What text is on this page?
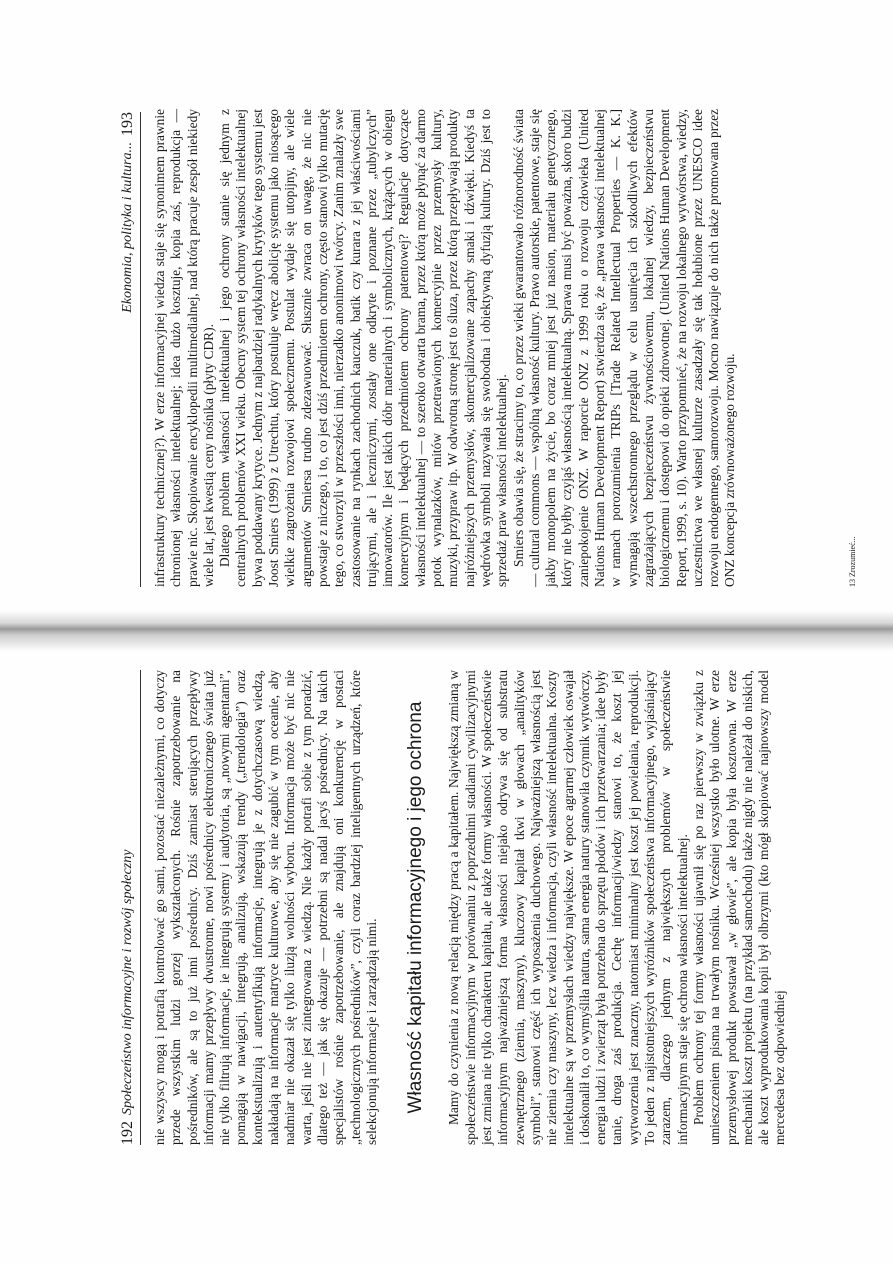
192
Społeczeństwo informacyjne i rozwój społeczny nie wszyscy mogą i potrafią kontrolować go sami, pozostać niezależnymi, co dotyczy przede wszystkim ludzi gorzej wykształconych. Rośnie zapotrzebowanie na pośredników, ale są to już inni pośrednicy. Dziś zamiast sterujących przepływy informacji mamy przepływy dwustronne, nowi pośrednicy elektronicznego świata już nie tylko filtrują informacje, ie integrują systemy i audytoria, są „nowymi agentami”, pomagają w nawigacji, integrują, analizują, wskazują trendy („trendologia”) oraz kontekstualizują i autentyfikują informacje, integrują je z dotychczasową wiedzą, nakładają na informacje matryce kulturowe, aby się nie zagubić w tym oceanie, aby nadmiar nie okazał się tylko iluzją wolności wyboru. Informacja może być nic nie warta, jeśli nie jest zintegrowana z wiedzą. Nie każdy potrafi sobie z tym poradzić, dlatego też — jak się okazuje — potrzebni są nadal jacyś pośrednicy. Na takich specjalistów rośnie zapotrzebowanie, ale znajdują oni konkurencję w postaci „technologicznych pośredników”, czyli coraz bardziej inteligentnych urządzeń, które selekcjonują informacje i zarządzają nimi. Własność kapitału informacyjnego i jego ochrona Mamy do czynienia z nową relacją między pracą a kapitałem. Największą zmianą w społeczeństwie informacyjnym w porównaniu z poprzednimi stadiami cywilizacyjnymi jest zmiana nie tylko charakteru kapitału, ale także formy własności. W społeczeństwie informacyjnym najważniejszą forma własności niejako odrywa się od substratu zewnętrznego (ziemia, maszyny), kluczowy kapitał tkwi w głowach „analityków symboli”, stanowi część ich wyposażenia duchowego. Najważniejszą własnością jest nie ziemia czy maszyny, lecz wiedza i informacja, czyli własność intelektualna. Koszty intelektualne są w przemysłach wiedzy największe. W epoce agrarnej człowiek oswajał i doskonalił to, co wymyśliła natura, sama energia natury stanowiła czynnik wytwórczy, energia ludzi i zwierząt była potrzebna do sprzętu płodów i ich przetwarzania; idee były tanie, droga zaś produkcja. Cechę informacji/wiedzy stanowi to, że koszt jej wytworzenia jest znaczny, natomiast minimalny jest koszt jej powielania, reprodukcji. To jeden z najistotniejszych wyróżników społeczeństwa informacyjnego, wyjaśniający zarazem, dlaczego jednym z największych problemów w społeczeństwie informacyjnym staje się ochrona własności intelektualnej. Problem ochrony tej formy własności ujawnił się po raz pierwszy w związku z umieszczeniem pisma na trwałym nośniku. Wcześniej wszystko było ulotne. W erze przemysłowej produkt powstawał „w głowie”, ale kopia była kosztowna. W erze mechaniki koszt projektu (na przykład samochodu) także nigdy nie należał do niskich, ale koszt wyprodukowania kopii był olbrzymi (kto mógł skopiować najnowszy model mercedesa bez odpowiedniej

Ekonomia, polityka i kultura...
193 infrastruktury technicznej?). W erze informacyjnej wiedza staje się synonimem prawnie chronionej własności intelektualnej; idea dużo kosztuje, kopia zaś, reprodukcja — prawie nic. Skopiowanie encyklopedii multimedialnej, nad którą pracuje zespół niekiedy wiele lat, jest kwestią ceny nośnika (płyty CDR). Dlatego problem własności intelektualnej i jego ochrony stanie się jednym z centralnych problemów XXI wieku. Obecny system tej ochrony własności intelektualnej bywa poddawany krytyce. Jednym z najbardziej radykalnych krytyków tego systemu jest Joost Smiers (1999) z Utrechtu, który postuluje wręcz abolicję systemu jako niosącego wielkie zagrożenia rozwojowi społecznemu. Postulat wydaje się utopijny, ale wiele argumentów Smiersa trudno zdezawuować. Słusznie zwraca on uwagę, że nic nie powstaje z niczego, i to, co jest dziś przedmiotem ochrony, często stanowi tylko mutację tego, co stworzyli w przeszłości inni, nierzadko anonimowi twórcy. Zanim znalazły swe zastosowanie na rynkach zachodnich kauczuk, batik czy kurara z jej właściwościami trującymi, ale i leczniczymi, zostały one odkryte i poznane przez „tubylczych” innowatorów. Ile jest takich dóbr materialnych i symbolicznych, krążących w obiegu komercyjnym i będących przedmiotem ochrony patentowej? Regulacje dotyczące własności intelektualnej — to szeroko otwarta brama, przez którą może płynąć za darmo potok wynalazków, mitów przetrawionych komercyjnie przez przemysły kultury, muzyki, przypraw itp. W odwrotną stronę jest to śluza, przez którą przepływają produkty najróżniejszych przemysłów, skomercjalizowane zapachy smaki i dźwięki. Kiedyś ta wędrówka symboli nazywała się swobodna i obiektywną dyfuzją kultury. Dziś jest to sprzedaż praw własności intelektualnej. Smiers obawia się, że stracimy to, co przez wieki gwarantowało różnorodność świata — cultural commons — wspólną własność kultury. Prawo autorskie, patentowe, staje się jakby monopolem na życie, bo coraz mniej jest już nasion, materiału genetycznego, który nie byłby czyjąś własnością intelektualną. Sprawa musi być poważna, skoro budzi zaniepokojenie ONZ. W raporcie ONZ z 1999 roku o rozwoju człowieka (United Nations Human Development Report) stwierdza się, że „prawa własności intelektualnej w ramach porozumienia TRIPs [Trade Related Intellectual Properties — K. K.] wymagają wszechstronnego przeglądu w celu usunięcia ich szkodliwych efektów zagrażających bezpieczeństwu żywnościowemu, lokalnej wiedzy, bezpieczeństwu biologicznemu i dostępowi do opieki zdrowotnej. (United Nations Human Development Report, 1999, s. 10). Warto przypomnieć, że na rozwoju lokalnego wytwórstwa, wiedzy, uczestnictwa we własnej kulturze zasadzały się tak hołubione przez UNESCO idee rozwoju endogennego, samorozwoju. Mocno nawiązuje do nich także promowana przez ONZ koncepcja zrównoważonego rozwoju.	13 Zrozumieć...
